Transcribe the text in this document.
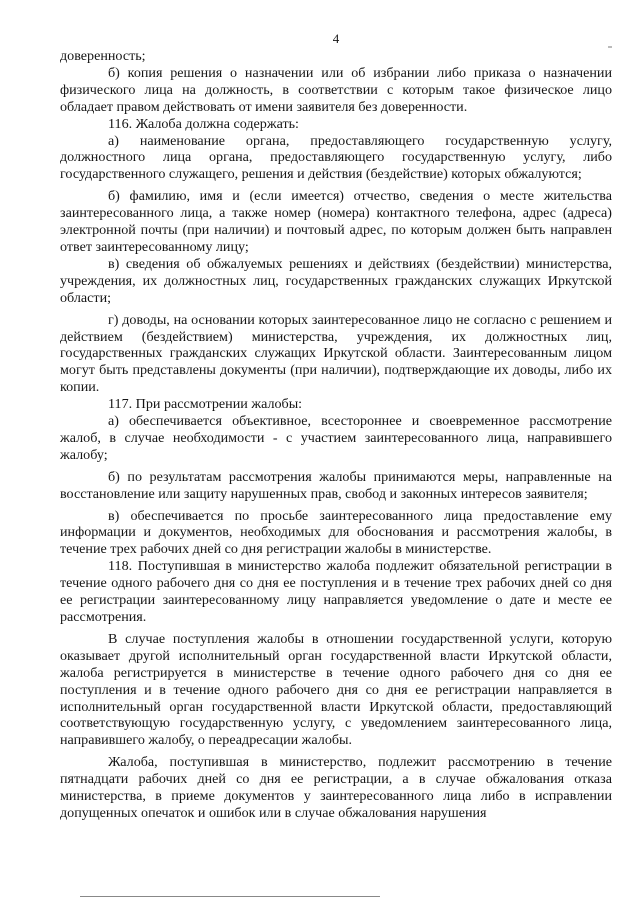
4

доверенность;

б) копия решения о назначении или об избрании либо приказа о назначении физического лица на должность, в соответствии с которым такое физическое лицо обладает правом действовать от имени заявителя без доверенности.

116. Жалоба должна содержать:

а) наименование органа, предоставляющего государственную услугу, должностного лица органа, предоставляющего государственную услугу, либо государственного служащего, решения и действия (бездействие) которых обжалуются;

б) фамилию, имя и (если имеется) отчество, сведения о месте жительства заинтересованного лица, а также номер (номера) контактного телефона, адрес (адреса) электронной почты (при наличии) и почтовый адрес, по которым должен быть направлен ответ заинтересованному лицу;

в) сведения об обжалуемых решениях и действиях (бездействии) министерства, учреждения, их должностных лиц, государственных гражданских служащих Иркутской области;

г) доводы, на основании которых заинтересованное лицо не согласно с решением и действием (бездействием) министерства, учреждения, их должностных лиц, государственных гражданских служащих Иркутской области. Заинтересованным лицом могут быть представлены документы (при наличии), подтверждающие их доводы, либо их копии.

117. При рассмотрении жалобы:

а) обеспечивается объективное, всестороннее и своевременное рассмотрение жалоб, в случае необходимости - с участием заинтересованного лица, направившего жалобу;

б) по результатам рассмотрения жалобы принимаются меры, направленные на восстановление или защиту нарушенных прав, свобод и законных интересов заявителя;

в) обеспечивается по просьбе заинтересованного лица предоставление ему информации и документов, необходимых для обоснования и рассмотрения жалобы, в течение трех рабочих дней со дня регистрации жалобы в министерстве.

118. Поступившая в министерство жалоба подлежит обязательной регистрации в течение одного рабочего дня со дня ее поступления и в течение трех рабочих дней со дня ее регистрации заинтересованному лицу направляется уведомление о дате и месте ее рассмотрения.

В случае поступления жалобы в отношении государственной услуги, которую оказывает другой исполнительный орган государственной власти Иркутской области, жалоба регистрируется в министерстве в течение одного рабочего дня со дня ее поступления и в течение одного рабочего дня со дня ее регистрации направляется в исполнительный орган государственной власти Иркутской области, предоставляющий соответствующую государственную услугу, с уведомлением заинтересованного лица, направившего жалобу, о переадресации жалобы.

Жалоба, поступившая в министерство, подлежит рассмотрению в течение пятнадцати рабочих дней со дня ее регистрации, а в случае обжалования отказа министерства, в приеме документов у заинтересованного лица либо в исправлении допущенных опечаток и ошибок или в случае обжалования нарушения
